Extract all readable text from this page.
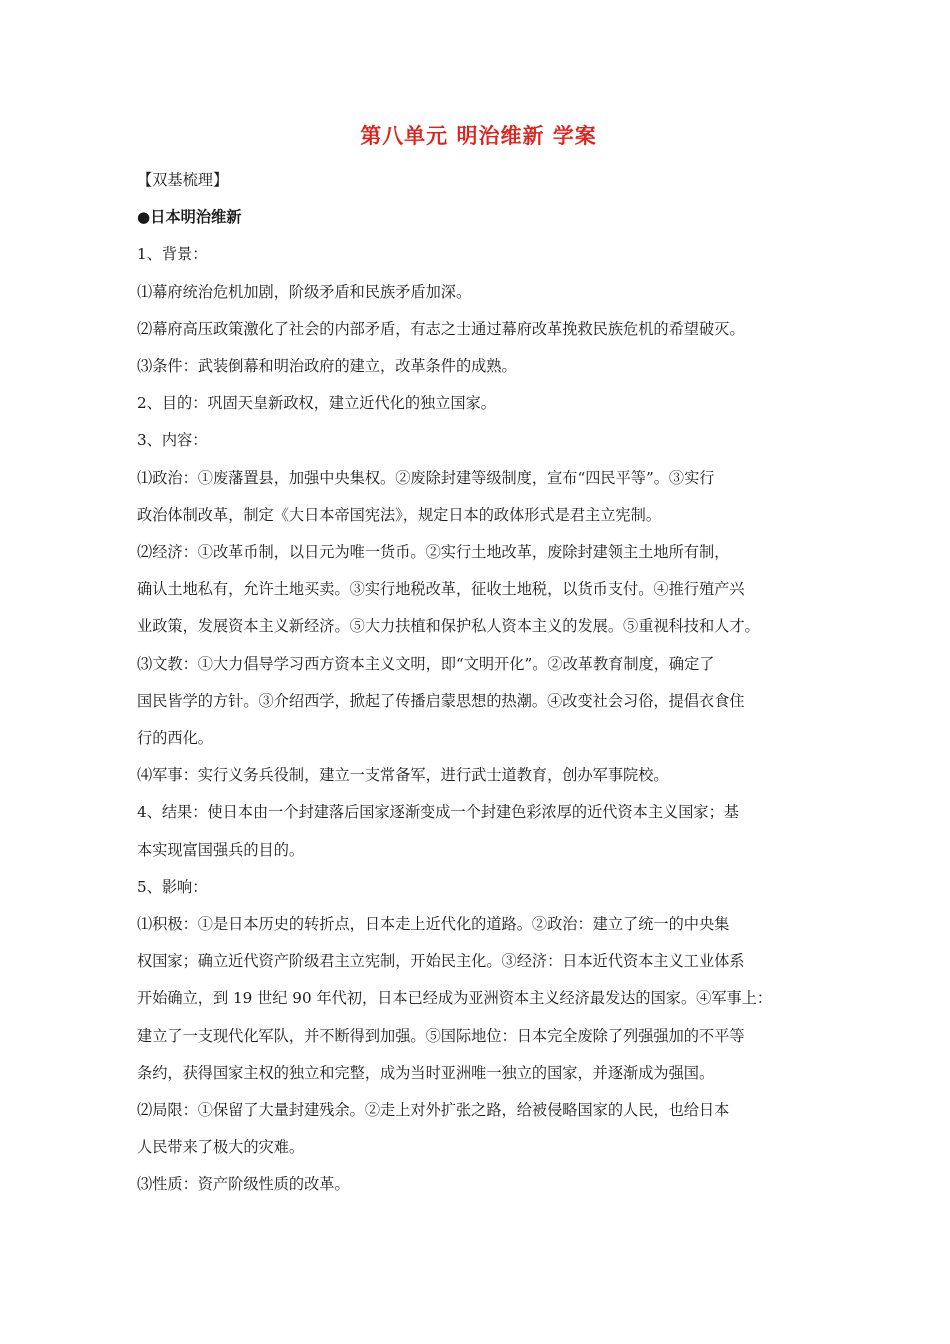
第八单元 明治维新 学案

【双基梳理】

●日本明治维新

1、背景：

⑴幕府统治危机加剧，阶级矛盾和民族矛盾加深。

⑵幕府高压政策激化了社会的内部矛盾，有志之士通过幕府改革挽救民族危机的希望破灭。

⑶条件：武装倒幕和明治政府的建立，改革条件的成熟。

2、目的：巩固天皇新政权，建立近代化的独立国家。

3、内容：

⑴政治：①废藩置县，加强中央集权。②废除封建等级制度，宣布“四民平等”。③实行

政治体制改革，制定《大日本帝国宪法》，规定日本的政体形式是君主立宪制。

⑵经济：①改革币制，以日元为唯一货币。②实行土地改革，废除封建领主土地所有制，

确认土地私有，允许土地买卖。③实行地税改革，征收土地税，以货币支付。④推行殖产兴

业政策，发展资本主义新经济。⑤大力扶植和保护私人资本主义的发展。⑤重视科技和人才。

⑶文教：①大力倡导学习西方资本主义文明，即“文明开化”。②改革教育制度，确定了

国民皆学的方针。③介绍西学，掀起了传播启蒙思想的热潮。④改变社会习俗，提倡衣食住

行的西化。

⑷军事：实行义务兵役制，建立一支常备军，进行武士道教育，创办军事院校。

4、结果：使日本由一个封建落后国家逐渐变成一个封建色彩浓厚的近代资本主义国家；基

本实现富国强兵的目的。

5、影响：

⑴积极：①是日本历史的转折点，日本走上近代化的道路。②政治：建立了统一的中央集

权国家；确立近代资产阶级君主立宪制，开始民主化。③经济：日本近代资本主义工业体系

开始确立，到 19 世纪 90 年代初，日本已经成为亚洲资本主义经济最发达的国家。④军事上：

建立了一支现代化军队，并不断得到加强。⑤国际地位：日本完全废除了列强强加的不平等

条约，获得国家主权的独立和完整，成为当时亚洲唯一独立的国家，并逐渐成为强国。

⑵局限：①保留了大量封建残余。②走上对外扩张之路，给被侵略国家的人民，也给日本

人民带来了极大的灾难。

⑶性质：资产阶级性质的改革。
